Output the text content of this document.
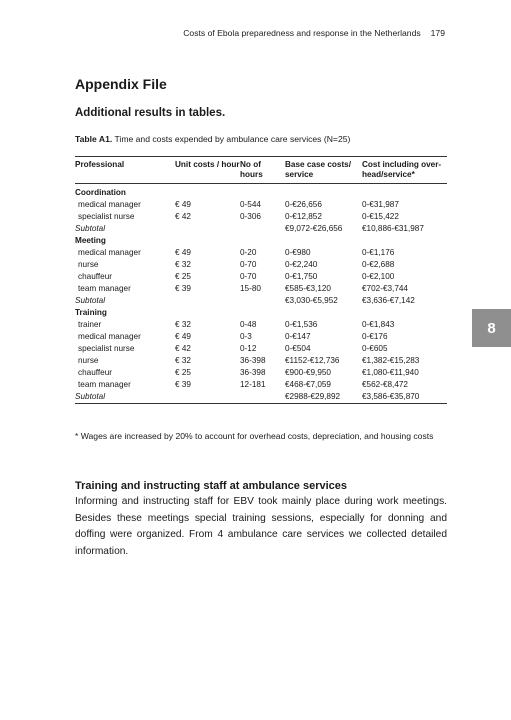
Costs of Ebola preparedness and response in the Netherlands 179
8
Appendix File
Additional results in tables.
Table A1. Time and costs expended by ambulance care services (N=25)
Professional	Unit costs / hour	No of hours	Base case costs/ service	Cost including over-head/service*
Coordination				
medical manager	€ 49	0-544	0-€26,656	0-€31,987
specialist nurse	€ 42	0-306	0-€12,852	0-€15,422
Subtotal			€9,072-€26,656	€10,886-€31,987
Meeting				
medical manager	€ 49	0-20	0-€980	0-€1,176
nurse	€ 32	0-70	0-€2,240	0-€2,688
chauffeur	€ 25	0-70	0-€1,750	0-€2,100
team manager	€ 39	15-80	€585-€3,120	€702-€3,744
Subtotal			€3,030-€5,952	€3,636-€7,142
Training				
trainer	€ 32	0-48	0-€1,536	0-€1,843
medical manager	€ 49	0-3	0-€147	0-€176
specialist nurse	€ 42	0-12	0-€504	0-€605
nurse	€ 32	36-398	€1152-€12,736	€1,382-€15,283
chauffeur	€ 25	36-398	€900-€9,950	€1,080-€11,940
team manager	€ 39	12-181	€468-€7,059	€562-€8,472
Subtotal			€2988-€29,892	€3,586-€35,870
* Wages are increased by 20% to account for overhead costs, depreciation, and housing costs
Training and instructing staff at ambulance services

Informing and instructing staff for EBV took mainly place during work meetings. Besides these meetings special training sessions, especially for donning and doffing were organized. From 4 ambulance care services we collected detailed information.
